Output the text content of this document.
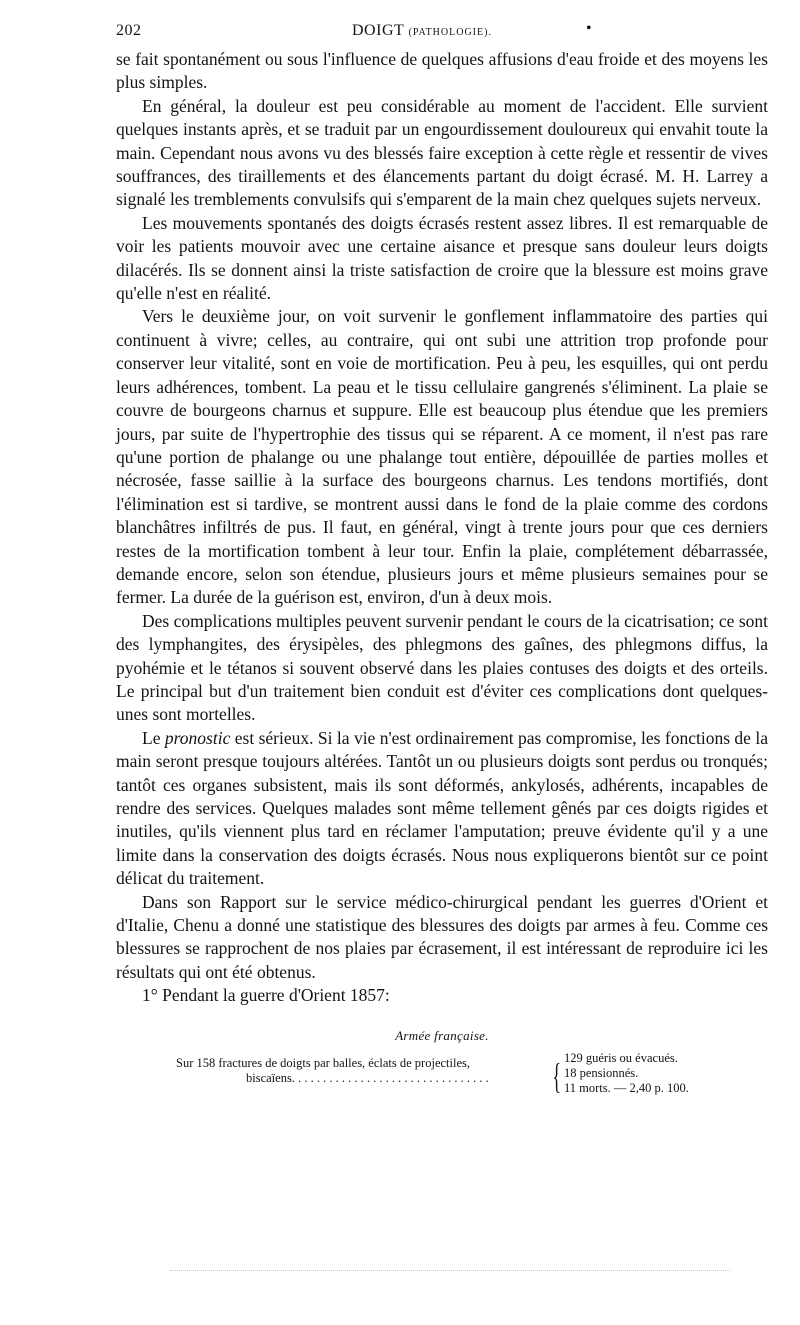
202	DOIGT (PATHOLOGIE).	•

se fait spontanément ou sous l'influence de quelques affusions d'eau froide et des moyens les plus simples.

En général, la douleur est peu considérable au moment de l'accident. Elle survient quelques instants après, et se traduit par un engourdissement douloureux qui envahit toute la main. Cependant nous avons vu des blessés faire exception à cette règle et ressentir de vives souffrances, des tiraillements et des élancements partant du doigt écrasé. M. H. Larrey a signalé les tremblements convulsifs qui s'emparent de la main chez quelques sujets nerveux.

Les mouvements spontanés des doigts écrasés restent assez libres. Il est remarquable de voir les patients mouvoir avec une certaine aisance et presque sans douleur leurs doigts dilacérés. Ils se donnent ainsi la triste satisfaction de croire que la blessure est moins grave qu'elle n'est en réalité.

Vers le deuxième jour, on voit survenir le gonflement inflammatoire des parties qui continuent à vivre; celles, au contraire, qui ont subi une attrition trop profonde pour conserver leur vitalité, sont en voie de mortification. Peu à peu, les esquilles, qui ont perdu leurs adhérences, tombent. La peau et le tissu cellulaire gangrenés s'éliminent. La plaie se couvre de bourgeons charnus et suppure. Elle est beaucoup plus étendue que les premiers jours, par suite de l'hypertrophie des tissus qui se réparent. A ce moment, il n'est pas rare qu'une portion de phalange ou une phalange tout entière, dépouillée de parties molles et nécrosée, fasse saillie à la surface des bourgeons charnus. Les tendons mortifiés, dont l'élimination est si tardive, se montrent aussi dans le fond de la plaie comme des cordons blanchâtres infiltrés de pus. Il faut, en général, vingt à trente jours pour que ces derniers restes de la mortification tombent à leur tour. Enfin la plaie, complétement débarrassée, demande encore, selon son étendue, plusieurs jours et même plusieurs semaines pour se fermer. La durée de la guérison est, environ, d'un à deux mois.

Des complications multiples peuvent survenir pendant le cours de la cicatrisation; ce sont des lymphangites, des érysipèles, des phlegmons des gaînes, des phlegmons diffus, la pyohémie et le tétanos si souvent observé dans les plaies contuses des doigts et des orteils. Le principal but d'un traitement bien conduit est d'éviter ces complications dont quelques-unes sont mortelles.

Le pronostic est sérieux. Si la vie n'est ordinairement pas compromise, les fonctions de la main seront presque toujours altérées. Tantôt un ou plusieurs doigts sont perdus ou tronqués; tantôt ces organes subsistent, mais ils sont déformés, ankylosés, adhérents, incapables de rendre des services. Quelques malades sont même tellement gênés par ces doigts rigides et inutiles, qu'ils viennent plus tard en réclamer l'amputation; preuve évidente qu'il y a une limite dans la conservation des doigts écrasés. Nous nous expliquerons bientôt sur ce point délicat du traitement.

Dans son Rapport sur le service médico-chirurgical pendant les guerres d'Orient et d'Italie, Chenu a donné une statistique des blessures des doigts par armes à feu. Comme ces blessures se rapprochent de nos plaies par écrasement, il est intéressant de reproduire ici les résultats qui ont été obtenus.

1° Pendant la guerre d'Orient 1857:

Armée française.
Sur 158 fractures de doigts par balles, éclats de projectiles,
biscaïens. . . . . . . . . . . . . . . . . . . . . . . . . . . . . . . .	{ 129 guéris ou évacués.
18 pensionnés.
11 morts. — 2,40 p. 100.
